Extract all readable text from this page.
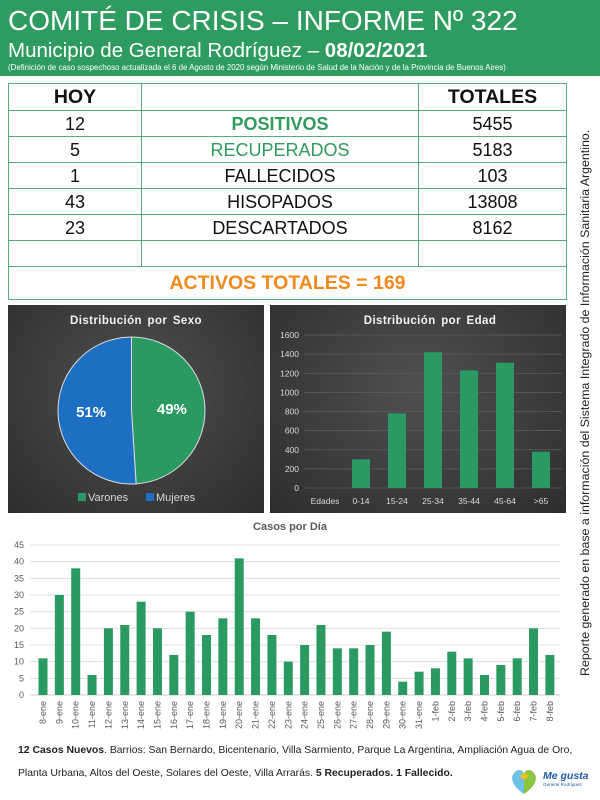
COMITÉ DE CRISIS – INFORME Nº 322
Municipio de General Rodríguez – 08/02/2021
(Definición de caso sospechoso actualizada el 6 de Agosto de 2020 según Ministerio de Salud de la Nación y de la Provincia de Buenos Aires)
HOY		TOTALES
12	POSITIVOS	5455
5	RECUPERADOS	5183
1	FALLECIDOS	103
43	HISOPADOS	13808
23	DESCARTADOS	8162

ACTIVOS TOTALES = 169			Reporte generado en base a información del Sistema Integrado de Información Sanitaria Argentino.
Distribución por Sexo
49%
51%
Varones	Mujeres
Distribución por Edad
0
200
400
600
800
1000
1200
1400
1600
Edades 0-14 15-24 25-34 35-44 45-64 >65
Casos por Día
0
5
10
15
20
25
30
35
40
45
8-ene 9-ene 10-ene 11-ene 12-ene 13-ene 14-ene 15-ene 16-ene 17-ene 18-ene 19-ene 20-ene 21-ene 22-ene 23-ene 24-ene 25-ene 26-ene 27-ene 28-ene 29-ene 30-ene 31-ene 1-feb 2-feb 3-feb 4-feb 5-feb 6-feb 7-feb 8-feb
12 Casos Nuevos. Barrios: San Bernardo, Bicentenario, Villa Sarmiento, Parque La Argentina, Ampliación Agua de Oro,
Planta Urbana, Altos del Oeste, Solares del Oeste, Villa Arrarás. 5 Recuperados. 1 Fallecido.	Me gusta
General Rodríguez
